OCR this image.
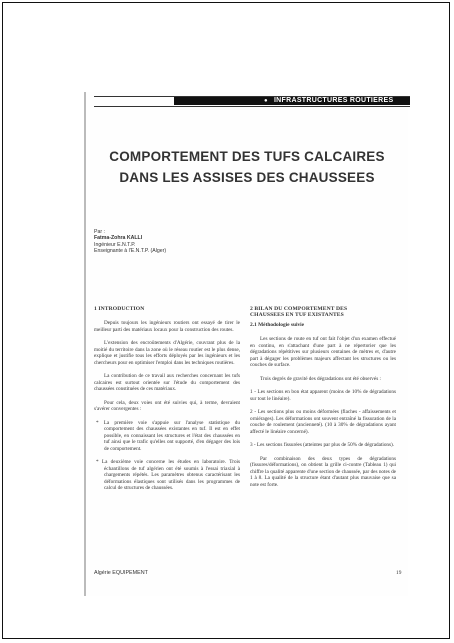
● INFRASTRUCTURES ROUTIERES
COMPORTEMENT DES TUFS CALCAIRES
DANS LES ASSISES DES CHAUSSEES
Par :
Fatma-Zohra KALLI
Ingénieur E.N.T.P.
Enseignante à l'E.N.T.P. (Alger)
1 INTRODUCTION

Depuis toujours les ingénieurs routiers ont essayé de tirer le meilleur parti des matériaux locaux pour la construction des routes.

L'extension des encroûtements d'Algérie, couvrant plus de la moitié du territoire dans la zone où le réseau routier est le plus dense, explique et justifie tous les efforts déployés par les ingénieurs et les chercheurs pour en optimiser l'emploi dans les techniques routières.

La contribution de ce travail aux recherches concernant les tufs calcaires est surtout orientée sur l'étude du comportement des chaussées constituées de ces matériaux.

Pour cela, deux voies ont été suivies qui, à terme, devraient s'avérer convergentes :

* La première voie s'appuie sur l'analyse statistique du comportement des chaussées existantes en tuf. Il est en effet possible, en connaissant les structures et l'état des chaussées en tuf ainsi que le trafic qu'elles ont supporté, d'en dégager des lois de comportement.

* La deuxième voie concerne les études en laboratoire. Trois échantillons de tuf algérien ont été soumis à l'essai triaxial à chargements répétés. Les paramètres obtenus caractérisant les déformations élastiques sont utilisés dans les programmes de calcul de structures de chaussées.

2 BILAN DU COMPORTEMENT DES
CHAUSSEES EN TUF EXISTANTES
2.1 Méthodologie suivie

Les sections de route en tuf ont fait l'objet d'un examen effectué en continu, en s'attachant d'une part à ne répertorier que les dégradations répétitives sur plusieurs centaines de mètres et, d'autre part à dégager les problèmes majeurs affectant les structures ou les couches de surface.

Trois degrés de gravité des dégradations ont été observés :

1 - Les sections en bon état apparent (moins de 10% de dégradations sur tout le linéaire).

2 - Les sections plus ou moins déformées (flaches - affaissements et orniérages). Les déformations ont souvent entraîné la fissuration de la couche de roulement (ancienneté). (10 à 30% de dégradations ayant affecté le linéaire concerné).

3 - Les sections fissurées (atteintes par plus de 50% de dégradations).

Par combinaison des deux types de dégradations (fissures/déformations), on obtient la grille ci-contre (Tableau 1) qui chiffre la qualité apparente d'une section de chaussée, par des notes de 1 à 8. La qualité de la structure étant d'autant plus mauvaise que sa note est forte.

Algérie EQUIPEMENT	19
